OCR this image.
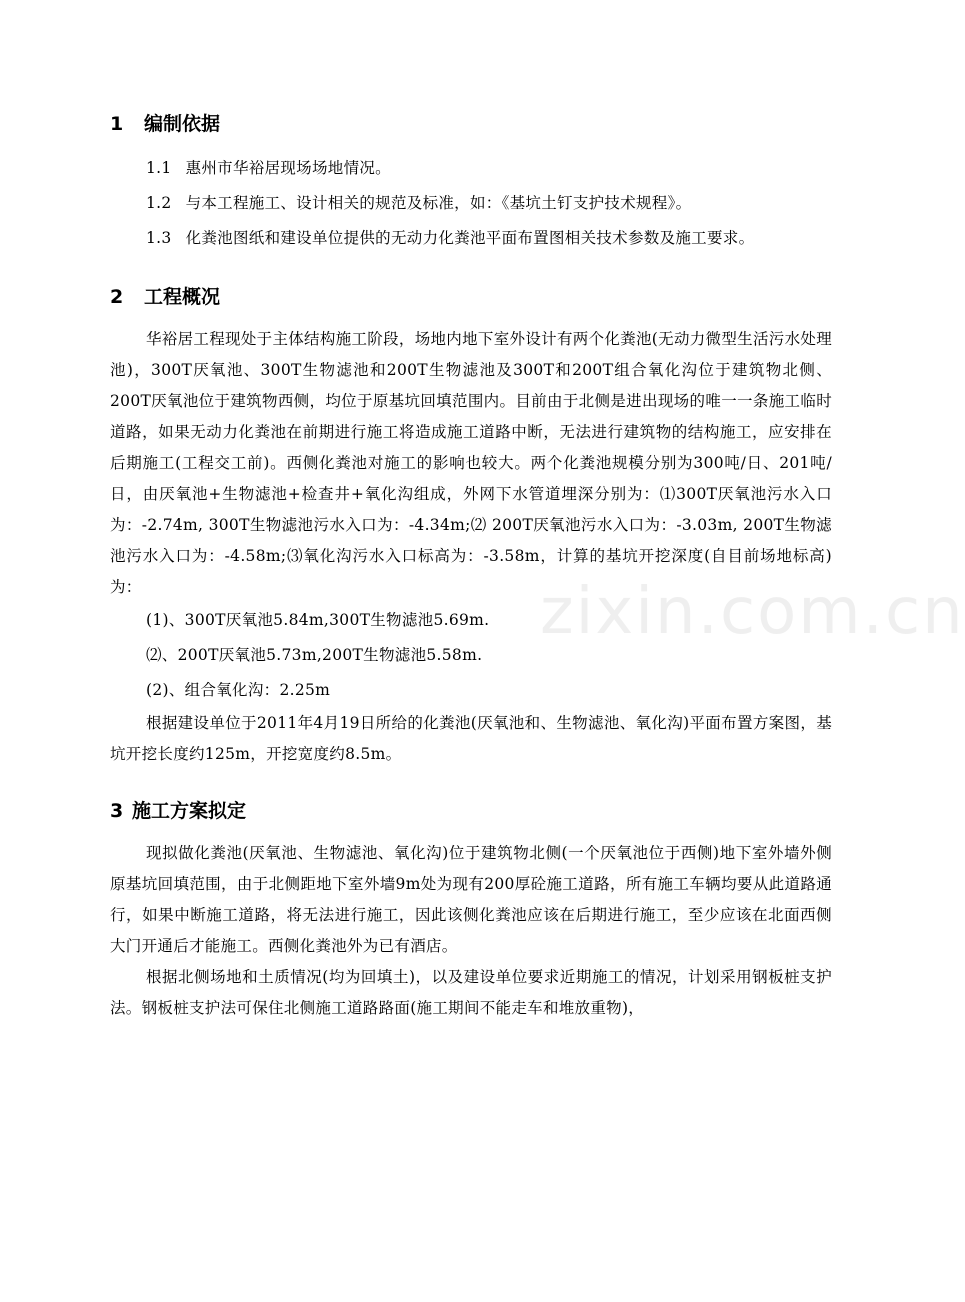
1 编制依据

1.1 惠州市华裕居现场场地情况。

1.2 与本工程施工、设计相关的规范及标准，如：《基坑土钉支护技术规程》。

1.3 化粪池图纸和建设单位提供的无动力化粪池平面布置图相关技术参数及施工要求。

2 工程概况

华裕居工程现处于主体结构施工阶段，场地内地下室外设计有两个化粪池(无动力微型生活污水处理池)，300T厌氧池、300T生物滤池和200T生物滤池及300T和200T组合氧化沟位于建筑物北侧、200T厌氧池位于建筑物西侧，均位于原基坑回填范围内。目前由于北侧是进出现场的唯一一条施工临时道路，如果无动力化粪池在前期进行施工将造成施工道路中断，无法进行建筑物的结构施工，应安排在后期施工(工程交工前)。西侧化粪池对施工的影响也较大。两个化粪池规模分别为300吨/日、201吨/日，由厌氧池+生物滤池+检查井+氧化沟组成，外网下水管道埋深分别为：⑴300T厌氧池污水入口为：-2.74m, 300T生物滤池污水入口为：-4.34m;⑵ 200T厌氧池污水入口为：-3.03m, 200T生物滤池污水入口为：-4.58m;⑶氧化沟污水入口标高为：-3.58m，计算的基坑开挖深度(自目前场地标高)为：

(1)、300T厌氧池5.84m,300T生物滤池5.69m.

⑵、200T厌氧池5.73m,200T生物滤池5.58m.

(2)、组合氧化沟：2.25m

根据建设单位于2011年4月19日所给的化粪池(厌氧池和、生物滤池、氧化沟)平面布置方案图，基坑开挖长度约125m，开挖宽度约8.5m。

3 施工方案拟定

现拟做化粪池(厌氧池、生物滤池、氧化沟)位于建筑物北侧(一个厌氧池位于西侧)地下室外墙外侧原基坑回填范围，由于北侧距地下室外墙9m处为现有200厚砼施工道路，所有施工车辆均要从此道路通行，如果中断施工道路，将无法进行施工，因此该侧化粪池应该在后期进行施工，至少应该在北面西侧大门开通后才能施工。西侧化粪池外为已有酒店。

根据北侧场地和土质情况(均为回填土)，以及建设单位要求近期施工的情况，计划采用钢板桩支护法。钢板桩支护法可保住北侧施工道路路面(施工期间不能走车和堆放重物)，

zixin.com.cn
